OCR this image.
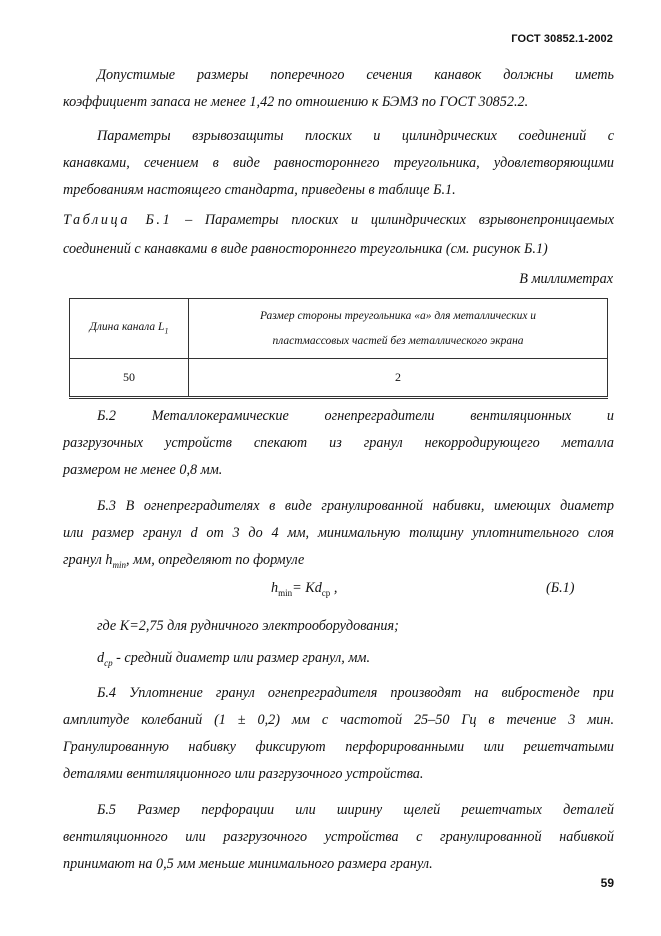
ГОСТ 30852.1-2002
Допустимые размеры поперечного сечения канавок должны иметь
коэффициент запаса не менее 1,42 по отношению к БЭМЗ по ГОСТ 30852.2.
Параметры взрывозащиты плоских и цилиндрических соединений с
канавками, сечением в виде равностороннего треугольника, удовлетворяющими
требованиям настоящего стандарта, приведены в таблице Б.1.
Таблица Б.1 – Параметры плоских и цилиндрических взрывонепроницаемых
соединений с канавками в виде равностороннего треугольника (см. рисунок Б.1)
В миллиметрах
Длина канала $L_1$	Размер стороны треугольника «a» для металлических и
пластмассовых частей без металлического экрана

50	2
Б.2 Металлокерамические огнепреградители вентиляционных и
разгрузочных устройств спекают из гранул некорродирующего металла
размером не менее 0,8 мм.
Б.3 В огнепреградителях в виде гранулированной набивки, имеющих диаметр
или размер гранул d от 3 до 4 мм, минимальную толщину уплотнительного слоя
гранул $h_{min}$, мм, определяют по формуле
$h_{min}= Kd_{ср}$ ,	(Б.1)
где K=2,75 для рудничного электрооборудования;
$d_{ср}$ - средний диаметр или размер гранул, мм.
Б.4 Уплотнение гранул огнепреградителя производят на вибростенде при
амплитуде колебаний (1 ± 0,2) мм с частотой 25–50 Гц в течение 3 мин.
Гранулированную набивку фиксируют перфорированными или решетчатыми
деталями вентиляционного или разгрузочного устройства.
Б.5 Размер перфорации или ширину щелей решетчатых деталей
вентиляционного или разгрузочного устройства с гранулированной набивкой
принимают на 0,5 мм меньше минимального размера гранул.
59
